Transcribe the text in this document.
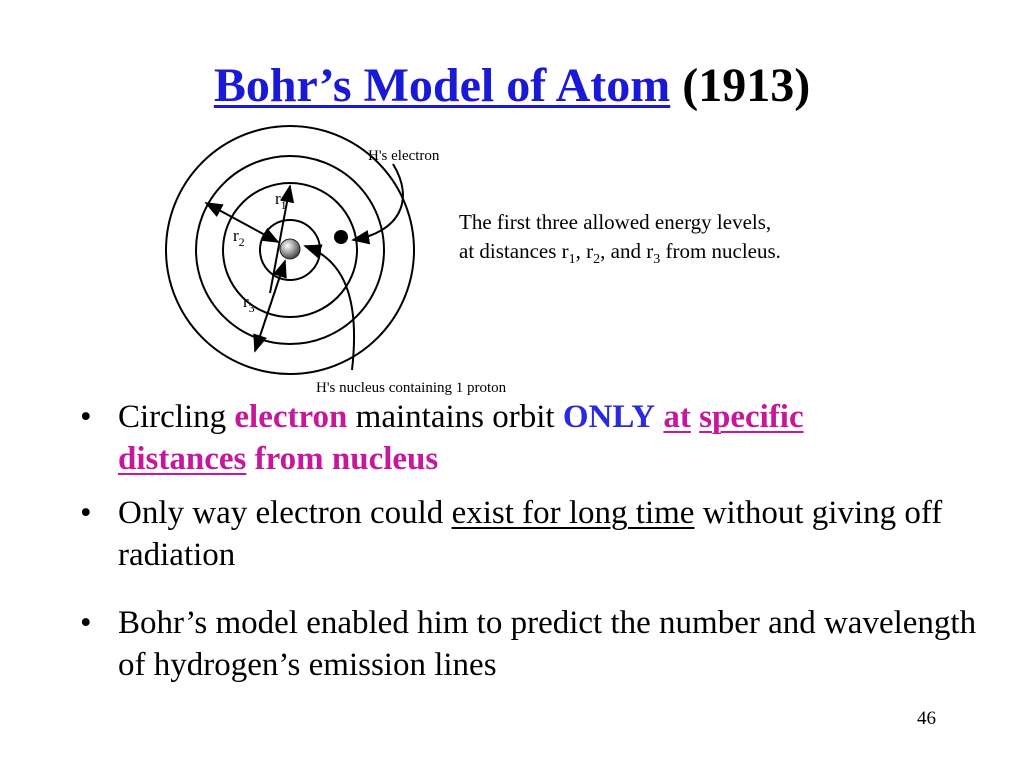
Bohr’s Model of Atom (1913)
$r_1$
$r_2$
$r_3$
H's electron
H's nucleus containing 1 proton
The first three allowed energy levels,
at distances $r_1$, $r_2$, and $r_3$ from nucleus.
• Circling electron maintains orbit ONLY at specific
distances from nucleus
• Only way electron could exist for long time without giving off radiation
• Bohr’s model enabled him to predict the number and wavelength of hydrogen’s emission lines
46
